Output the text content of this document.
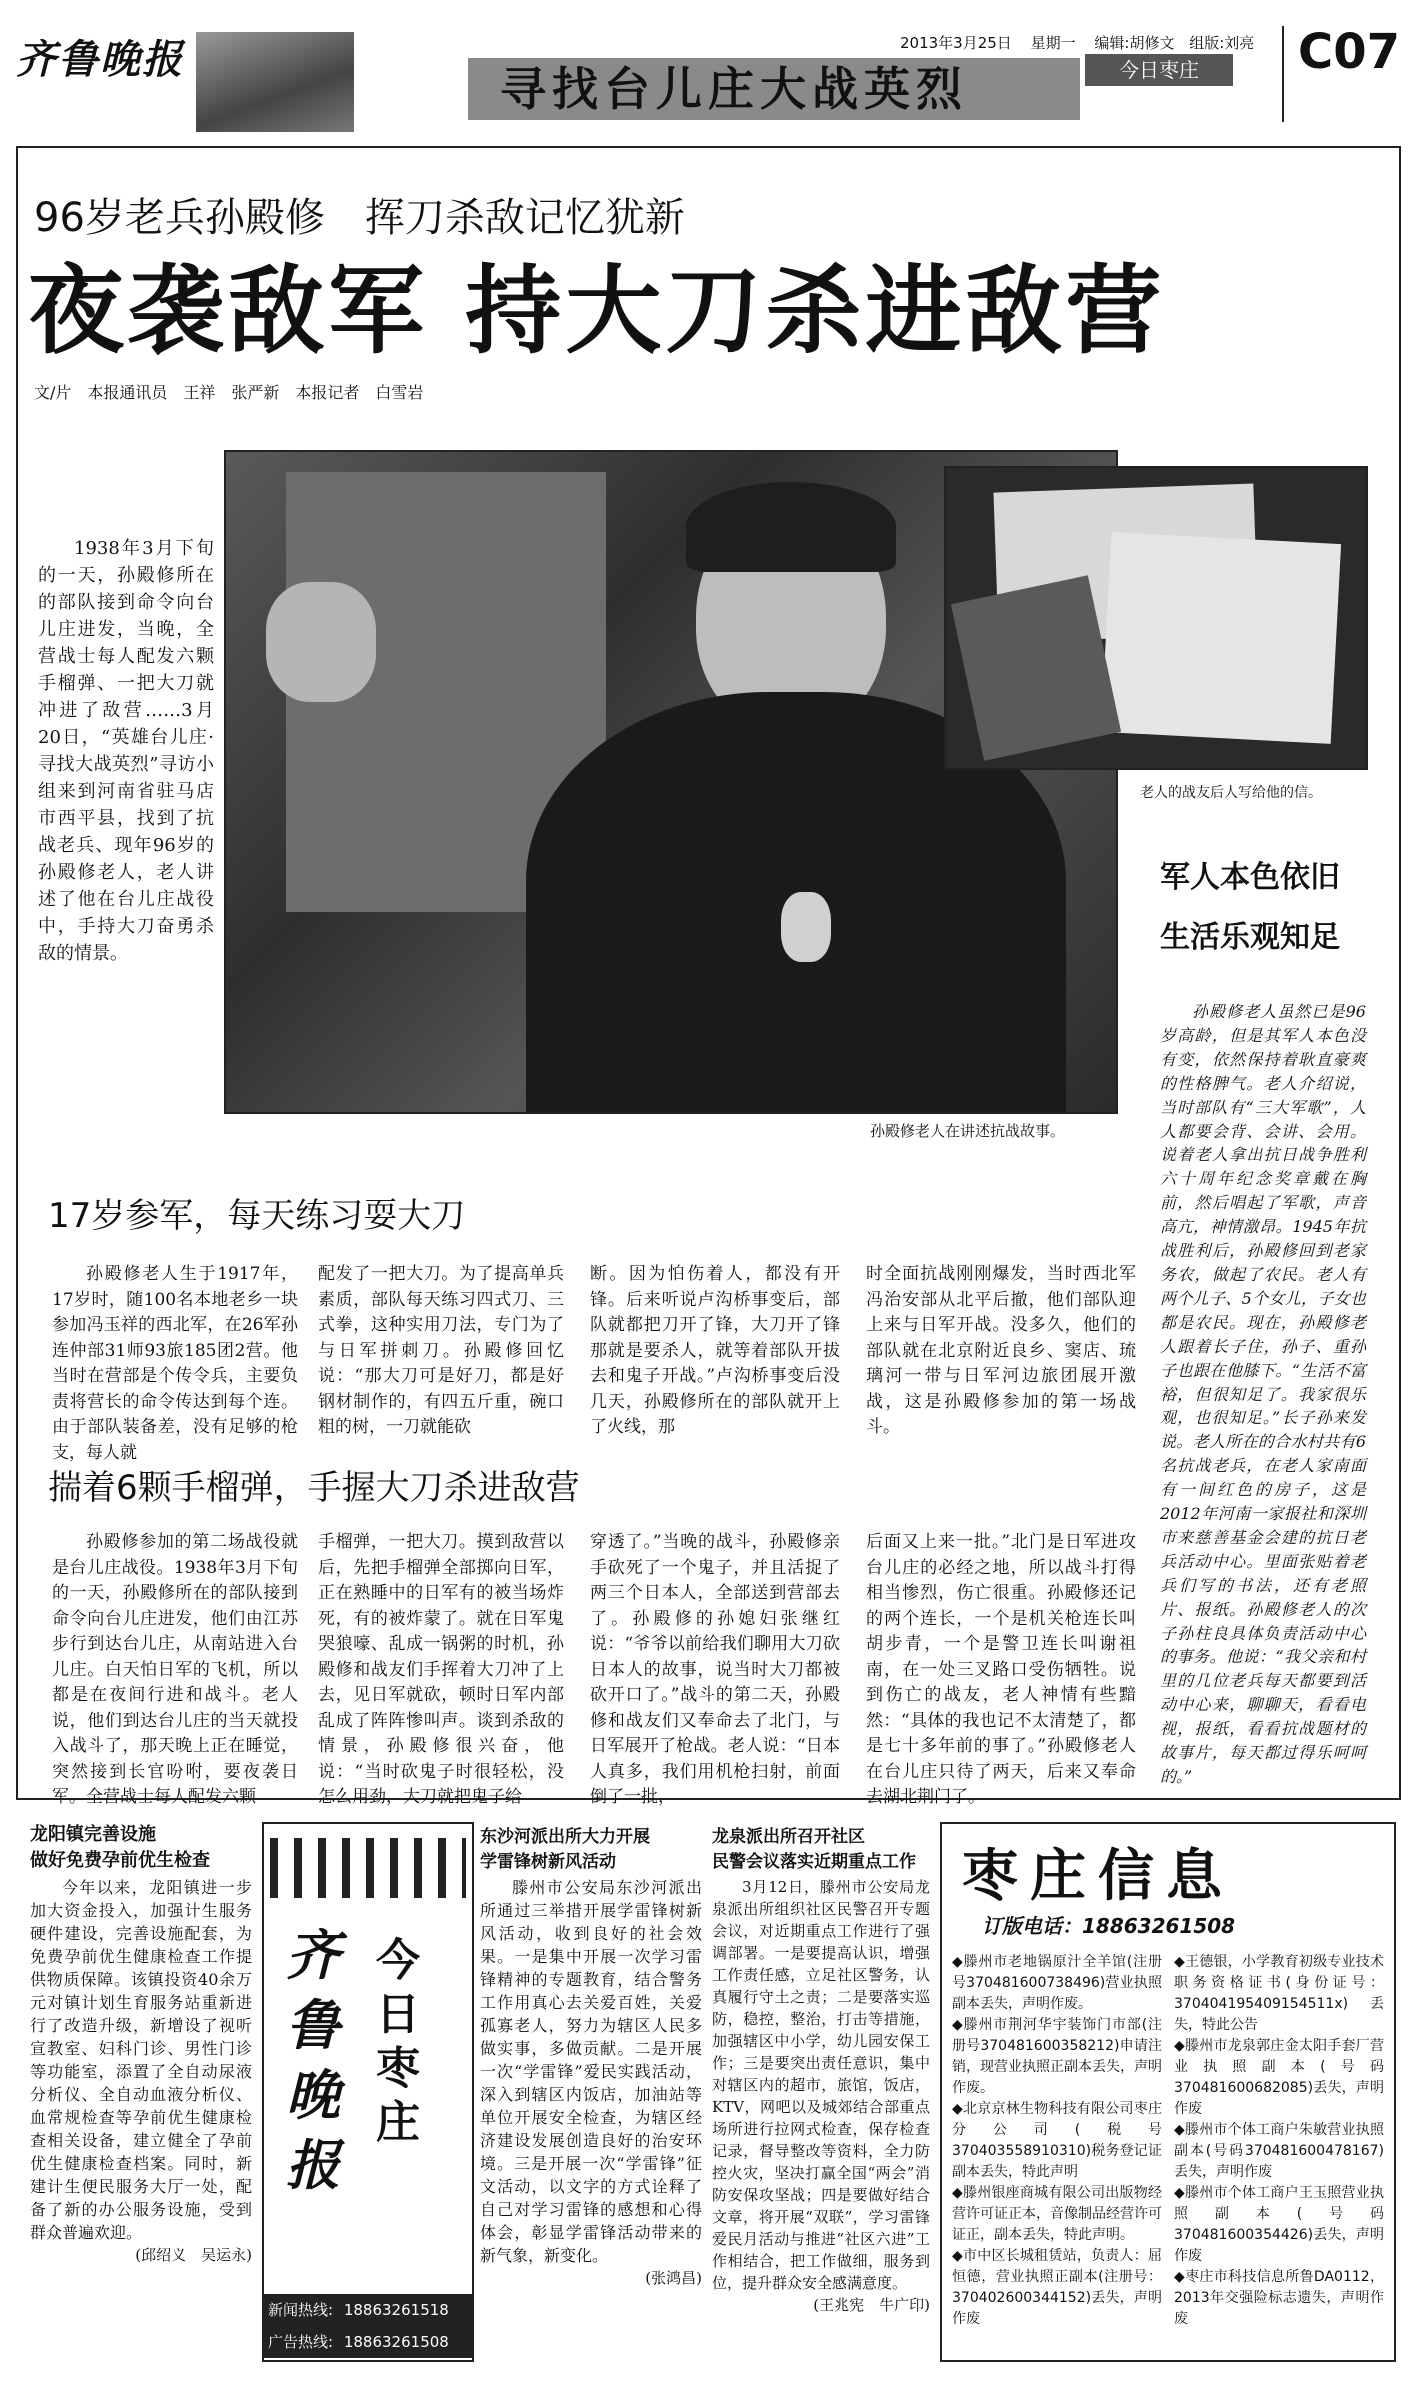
齐鲁晚报	2013年3月25日 星期一 编辑:胡修文 组版:刘亮
今日枣庄	C07
寻找台儿庄大战英烈
96岁老兵孙殿修　挥刀杀敌记忆犹新
夜袭敌军 持大刀杀进敌营
文/片　本报通讯员　王祥　张严新　本报记者　白雪岩
1938年3月下旬的一天，孙殿修所在的部队接到命令向台儿庄进发，当晚，全营战士每人配发六颗手榴弹、一把大刀就冲进了敌营……3月20日，“英雄台儿庄·寻找大战英烈”寻访小组来到河南省驻马店市西平县，找到了抗战老兵、现年96岁的孙殿修老人，老人讲述了他在台儿庄战役中，手持大刀奋勇杀敌的情景。
孙殿修老人在讲述抗战故事。
老人的战友后人写给他的信。
军人本色依旧
生活乐观知足
孙殿修老人虽然已是96岁高龄，但是其军人本色没有变，依然保持着耿直豪爽的性格脾气。老人介绍说，当时部队有“三大军歌”，人人都要会背、会讲、会用。说着老人拿出抗日战争胜利六十周年纪念奖章戴在胸前，然后唱起了军歌，声音高亢，神情激昂。1945年抗战胜利后，孙殿修回到老家务农，做起了农民。老人有两个儿子、5个女儿，子女也都是农民。现在，孙殿修老人跟着长子住，孙子、重孙子也跟在他膝下。“生活不富裕，但很知足了。我家很乐观，也很知足。”长子孙来发说。老人所在的合水村共有6名抗战老兵，在老人家南面有一间红色的房子，这是2012年河南一家报社和深圳市来慈善基金会建的抗日老兵活动中心。里面张贴着老兵们写的书法，还有老照片、报纸。孙殿修老人的次子孙柱良具体负责活动中心的事务。他说：“我父亲和村里的几位老兵每天都要到活动中心来，聊聊天，看看电视，报纸，看看抗战题材的故事片，每天都过得乐呵呵的。”
17岁参军，每天练习耍大刀
孙殿修老人生于1917年，17岁时，随100名本地老乡一块参加冯玉祥的西北军，在26军孙连仲部31师93旅185团2营。他当时在营部是个传令兵，主要负责将营长的命令传达到每个连。由于部队装备差，没有足够的枪支，每人就
配发了一把大刀。为了提高单兵素质，部队每天练习四式刀、三式拳，这种实用刀法，专门为了与日军拼刺刀。孙殿修回忆说：“那大刀可是好刀，都是好钢材制作的，有四五斤重，碗口粗的树，一刀就能砍
断。因为怕伤着人，都没有开锋。后来听说卢沟桥事变后，部队就都把刀开了锋，大刀开了锋那就是要杀人，就等着部队开拔去和鬼子开战。”卢沟桥事变后没几天，孙殿修所在的部队就开上了火线，那
时全面抗战刚刚爆发，当时西北军冯治安部从北平后撤，他们部队迎上来与日军开战。没多久，他们的部队就在北京附近良乡、窦店、琉璃河一带与日军河边旅团展开激战，这是孙殿修参加的第一场战斗。
揣着6颗手榴弹，手握大刀杀进敌营
孙殿修参加的第二场战役就是台儿庄战役。1938年3月下旬的一天，孙殿修所在的部队接到命令向台儿庄进发，他们由江苏步行到达台儿庄，从南站进入台儿庄。白天怕日军的飞机，所以都是在夜间行进和战斗。老人说，他们到达台儿庄的当天就投入战斗了，那天晚上正在睡觉，突然接到长官吩咐，要夜袭日军。全营战士每人配发六颗
手榴弹，一把大刀。摸到敌营以后，先把手榴弹全部掷向日军，正在熟睡中的日军有的被当场炸死，有的被炸蒙了。就在日军鬼哭狼嚎、乱成一锅粥的时机，孙殿修和战友们手挥着大刀冲了上去，见日军就砍，顿时日军内部乱成了阵阵惨叫声。谈到杀敌的情景，孙殿修很兴奋，他说：“当时砍鬼子时很轻松，没怎么用劲，大刀就把鬼子给
穿透了。”当晚的战斗，孙殿修亲手砍死了一个鬼子，并且活捉了两三个日本人，全部送到营部去了。孙殿修的孙媳妇张继红说：“爷爷以前给我们聊用大刀砍日本人的故事，说当时大刀都被砍开口了。”战斗的第二天，孙殿修和战友们又奉命去了北门，与日军展开了枪战。老人说：“日本人真多，我们用机枪扫射，前面倒了一批，
后面又上来一批。”北门是日军进攻台儿庄的必经之地，所以战斗打得相当惨烈，伤亡很重。孙殿修还记的两个连长，一个是机关枪连长叫胡步青，一个是警卫连长叫谢祖南，在一处三叉路口受伤牺牲。说到伤亡的战友，老人神情有些黯然：“具体的我也记不太清楚了，都是七十多年前的事了。”孙殿修老人在台儿庄只待了两天，后来又奉命去湖北荆门了。
龙阳镇完善设施
做好免费孕前优生检查
今年以来，龙阳镇进一步加大资金投入，加强计生服务硬件建设，完善设施配套，为免费孕前优生健康检查工作提供物质保障。该镇投资40余万元对镇计划生育服务站重新进行了改造升级，新增设了视听宣教室、妇科门诊、男性门诊等功能室，添置了全自动尿液分析仪、全自动血液分析仪、血常规检查等孕前优生健康检查相关设备，建立健全了孕前优生健康检查档案。同时，新建计生便民服务大厅一处，配备了新的办公服务设施，受到群众普遍欢迎。
(邱绍义　吴运永)
齐鲁晚报
今日枣庄
新闻热线: 18863261518
广告热线: 18863261508
东沙河派出所大力开展
学雷锋树新风活动
滕州市公安局东沙河派出所通过三举措开展学雷锋树新风活动，收到良好的社会效果。一是集中开展一次学习雷锋精神的专题教育，结合警务工作用真心去关爱百姓，关爱孤寡老人，努力为辖区人民多做实事，多做贡献。二是开展一次“学雷锋”爱民实践活动，深入到辖区内饭店，加油站等单位开展安全检查，为辖区经济建设发展创造良好的治安环境。三是开展一次“学雷锋”征文活动，以文字的方式诠释了自己对学习雷锋的感想和心得体会，彰显学雷锋活动带来的新气象，新变化。
(张鸿昌)
龙泉派出所召开社区
民警会议落实近期重点工作
3月12日，滕州市公安局龙泉派出所组织社区民警召开专题会议，对近期重点工作进行了强调部署。一是要提高认识，增强工作责任感，立足社区警务，认真履行守土之责；二是要落实巡防，稳控，整治，打击等措施，加强辖区中小学，幼儿园安保工作；三是要突出责任意识，集中对辖区内的超市，旅馆，饭店，KTV，网吧以及城郊结合部重点场所进行拉网式检查，保存检查记录，督导整改等资料，全力防控火灾，坚决打赢全国“两会”消防安保攻坚战；四是要做好结合文章，将开展“双联”，学习雷锋爱民月活动与推进“社区六进”工作相结合，把工作做细，服务到位，提升群众安全感满意度。
(王兆宪　牛广印)
枣庄信息
订版电话：18863261508
◆滕州市老地锅原汁全羊馆(注册号370481600738496)营业执照副本丢失，声明作废。
◆滕州市荆河华宇装饰门市部(注册号370481600358212)申请注销，现营业执照正副本丢失，声明作废。
◆北京京林生物科技有限公司枣庄分公司(税号370403558910310)税务登记证副本丢失，特此声明
◆滕州银座商城有限公司出版物经营许可证正本，音像制品经营许可证正，副本丢失，特此声明。
◆市中区长城租赁站，负责人：屈恒德，营业执照正副本(注册号：370402600344152)丢失，声明作废
◆王德银，小学教育初级专业技术职务资格证书(身份证号：370404195409154511x)丢失，特此公告
◆滕州市龙泉郭庄金太阳手套厂营业执照副本(号码370481600682085)丢失，声明作废
◆滕州市个体工商户朱敏营业执照副本(号码370481600478167)丢失，声明作废
◆滕州市个体工商户王玉照营业执照副本(号码370481600354426)丢失，声明作废
◆枣庄市科技信息所鲁DA0112，2013年交强险标志遗失，声明作废
